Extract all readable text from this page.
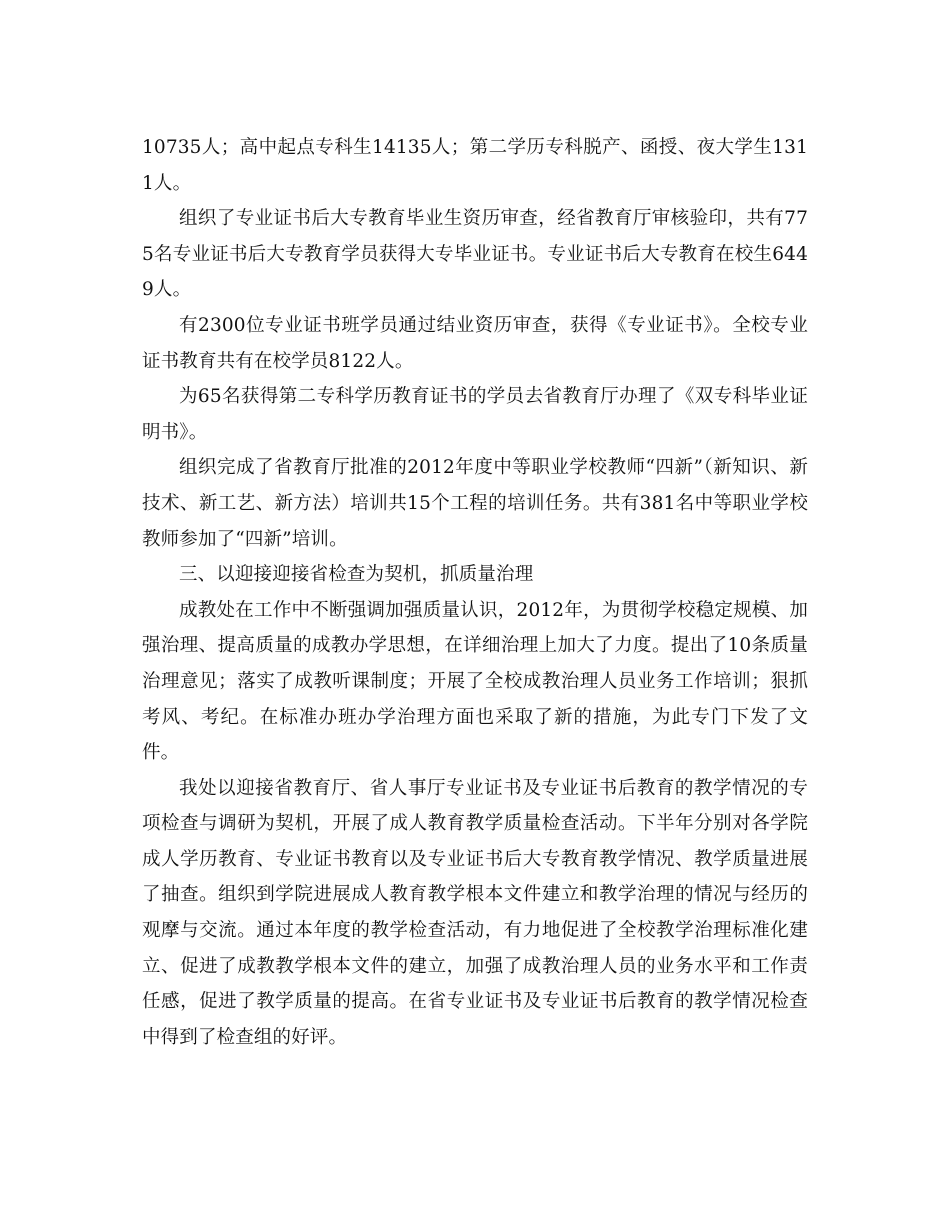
10735人；高中起点专科生14135人；第二学历专科脱产、函授、夜大学生1311人。

组织了专业证书后大专教育毕业生资历审查，经省教育厅审核验印，共有775名专业证书后大专教育学员获得大专毕业证书。专业证书后大专教育在校生6449人。

有2300位专业证书班学员通过结业资历审查，获得《专业证书》。全校专业证书教育共有在校学员8122人。

为65名获得第二专科学历教育证书的学员去省教育厅办理了《双专科毕业证明书》。

组织完成了省教育厅批准的2012年度中等职业学校教师“四新”（新知识、新技术、新工艺、新方法）培训共15个工程的培训任务。共有381名中等职业学校教师参加了“四新”培训。

三、以迎接迎接省检查为契机，抓质量治理

成教处在工作中不断强调加强质量认识，2012年，为贯彻学校稳定规模、加强治理、提高质量的成教办学思想，在详细治理上加大了力度。提出了10条质量治理意见；落实了成教听课制度；开展了全校成教治理人员业务工作培训；狠抓考风、考纪。在标准办班办学治理方面也采取了新的措施，为此专门下发了文件。

我处以迎接省教育厅、省人事厅专业证书及专业证书后教育的教学情况的专项检查与调研为契机，开展了成人教育教学质量检查活动。下半年分别对各学院成人学历教育、专业证书教育以及专业证书后大专教育教学情况、教学质量进展了抽查。组织到学院进展成人教育教学根本文件建立和教学治理的情况与经历的观摩与交流。通过本年度的教学检查活动，有力地促进了全校教学治理标准化建立、促进了成教教学根本文件的建立，加强了成教治理人员的业务水平和工作责任感，促进了教学质量的提高。在省专业证书及专业证书后教育的教学情况检查中得到了检查组的好评。
